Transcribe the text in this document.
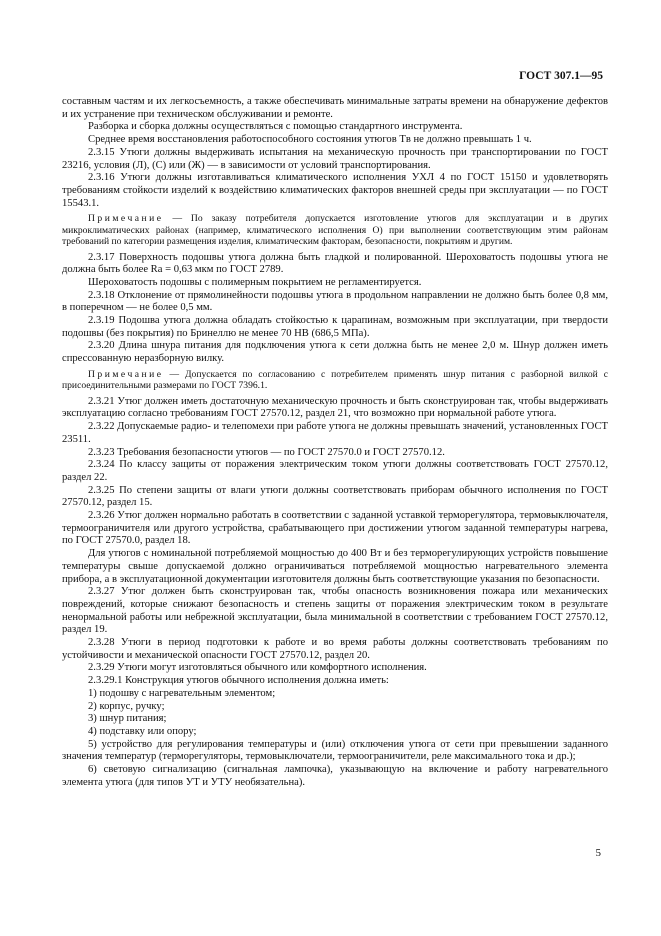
ГОСТ 307.1—95

составным частям и их легкосъемность, а также обеспечивать минимальные затраты времени на обнаружение дефектов и их устранение при техническом обслуживании и ремонте.

Разборка и сборка должны осуществляться с помощью стандартного инструмента.

Среднее время восстановления работоспособного состояния утюгов Tв не должно превышать 1 ч.

2.3.15 Утюги должны выдерживать испытания на механическую прочность при транспортировании по ГОСТ 23216, условия (Л), (С) или (Ж) — в зависимости от условий транспортирования.

2.3.16 Утюги должны изготавливаться климатического исполнения УХЛ 4 по ГОСТ 15150 и удовлетворять требованиям стойкости изделий к воздействию климатических факторов внешней среды при эксплуатации — по ГОСТ 15543.1.

Примечание — По заказу потребителя допускается изготовление утюгов для эксплуатации и в других микроклиматических районах (например, климатического исполнения О) при выполнении соответствующим этим районам требований по категории размещения изделия, климатическим факторам, безопасности, покрытиям и другим.

2.3.17 Поверхность подошвы утюга должна быть гладкой и полированной. Шероховатость подошвы утюга не должна быть более Ra = 0,63 мкм по ГОСТ 2789.

Шероховатость подошвы с полимерным покрытием не регламентируется.

2.3.18 Отклонение от прямолинейности подошвы утюга в продольном направлении не должно быть более 0,8 мм, в поперечном — не более 0,5 мм.

2.3.19 Подошва утюга должна обладать стойкостью к царапинам, возможным при эксплуатации, при твердости подошвы (без покрытия) по Бринеллю не менее 70 НВ (686,5 МПа).

2.3.20 Длина шнура питания для подключения утюга к сети должна быть не менее 2,0 м. Шнур должен иметь спрессованную неразборную вилку.

Примечание — Допускается по согласованию с потребителем применять шнур питания с разборной вилкой с присоединительными размерами по ГОСТ 7396.1.

2.3.21 Утюг должен иметь достаточную механическую прочность и быть сконструирован так, чтобы выдерживать эксплуатацию согласно требованиям ГОСТ 27570.12, раздел 21, что возможно при нормальной работе утюга.

2.3.22 Допускаемые радио- и телепомехи при работе утюга не должны превышать значений, установленных ГОСТ 23511.

2.3.23 Требования безопасности утюгов — по ГОСТ 27570.0 и ГОСТ 27570.12.

2.3.24 По классу защиты от поражения электрическим током утюги должны соответствовать ГОСТ 27570.12, раздел 22.

2.3.25 По степени защиты от влаги утюги должны соответствовать приборам обычного исполнения по ГОСТ 27570.12, раздел 15.

2.3.26 Утюг должен нормально работать в соответствии с заданной уставкой терморегулятора, термовыключателя, термоограничителя или другого устройства, срабатывающего при достижении утюгом заданной температуры нагрева, по ГОСТ 27570.0, раздел 18.

Для утюгов с номинальной потребляемой мощностью до 400 Вт и без терморегулирующих устройств повышение температуры свыше допускаемой должно ограничиваться потребляемой мощностью нагревательного элемента прибора, а в эксплуатационной документации изготовителя должны быть соответствующие указания по безопасности.

2.3.27 Утюг должен быть сконструирован так, чтобы опасность возникновения пожара или механических повреждений, которые снижают безопасность и степень защиты от поражения электрическим током в результате ненормальной работы или небрежной эксплуатации, была минимальной в соответствии с требованием ГОСТ 27570.12, раздел 19.

2.3.28 Утюги в период подготовки к работе и во время работы должны соответствовать требованиям по устойчивости и механической опасности ГОСТ 27570.12, раздел 20.

2.3.29 Утюги могут изготовляться обычного или комфортного исполнения.

2.3.29.1 Конструкция утюгов обычного исполнения должна иметь:

1) подошву с нагревательным элементом;

2) корпус, ручку;

3) шнур питания;

4) подставку или опору;

5) устройство для регулирования температуры и (или) отключения утюга от сети при превышении заданного значения температур (терморегуляторы, термовыключатели, термоограничители, реле максимального тока и др.);

6) световую сигнализацию (сигнальная лампочка), указывающую на включение и работу нагревательного элемента утюга (для типов УТ и УТУ необязательна).

5
